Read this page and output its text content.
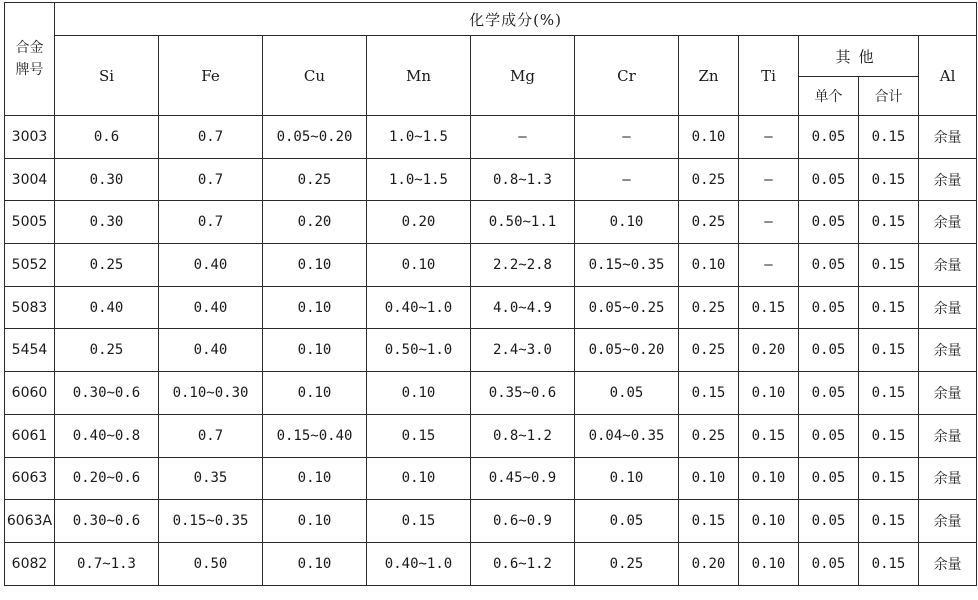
合金
牌号	化学成分(%)										
	Si	Fe	Cu	Mn	Mg	Cr	Zn	Ti	其他		Al
									单个	合计	
3003	0.6	0.7	0.05~0.20	1.0~1.5	—	—	0.10	—	0.05	0.15	余量
3004	0.30	0.7	0.25	1.0~1.5	0.8~1.3	—	0.25	—	0.05	0.15	余量
5005	0.30	0.7	0.20	0.20	0.50~1.1	0.10	0.25	—	0.05	0.15	余量
5052	0.25	0.40	0.10	0.10	2.2~2.8	0.15~0.35	0.10	—	0.05	0.15	余量
5083	0.40	0.40	0.10	0.40~1.0	4.0~4.9	0.05~0.25	0.25	0.15	0.05	0.15	余量
5454	0.25	0.40	0.10	0.50~1.0	2.4~3.0	0.05~0.20	0.25	0.20	0.05	0.15	余量
6060	0.30~0.6	0.10~0.30	0.10	0.10	0.35~0.6	0.05	0.15	0.10	0.05	0.15	余量
6061	0.40~0.8	0.7	0.15~0.40	0.15	0.8~1.2	0.04~0.35	0.25	0.15	0.05	0.15	余量
6063	0.20~0.6	0.35	0.10	0.10	0.45~0.9	0.10	0.10	0.10	0.05	0.15	余量
6063A	0.30~0.6	0.15~0.35	0.10	0.15	0.6~0.9	0.05	0.15	0.10	0.05	0.15	余量
6082	0.7~1.3	0.50	0.10	0.40~1.0	0.6~1.2	0.25	0.20	0.10	0.05	0.15	余量
